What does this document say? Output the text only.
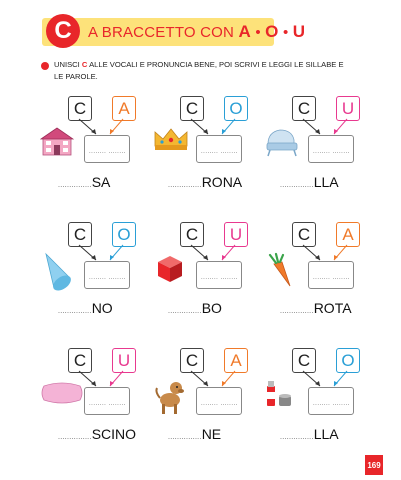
C	A BRACCETTO CON A • O • U
UNISCI C ALLE VOCALI E PRONUNCIA BENE, POI SCRIVI E LEGGI LE SILLABE E LE PAROLE.
C	A
........ ........
...............SA
C	O
........ ........
...............RONA
C	U
........ ........
...............LLA
C	O
........ ........
...............NO
C	U
........ ........
...............BO
C	A
........ ........
...............ROTA
C	U
........ ........
...............SCINO
C	A
........ ........
...............NE
C	O
........ ........
...............LLA
169
